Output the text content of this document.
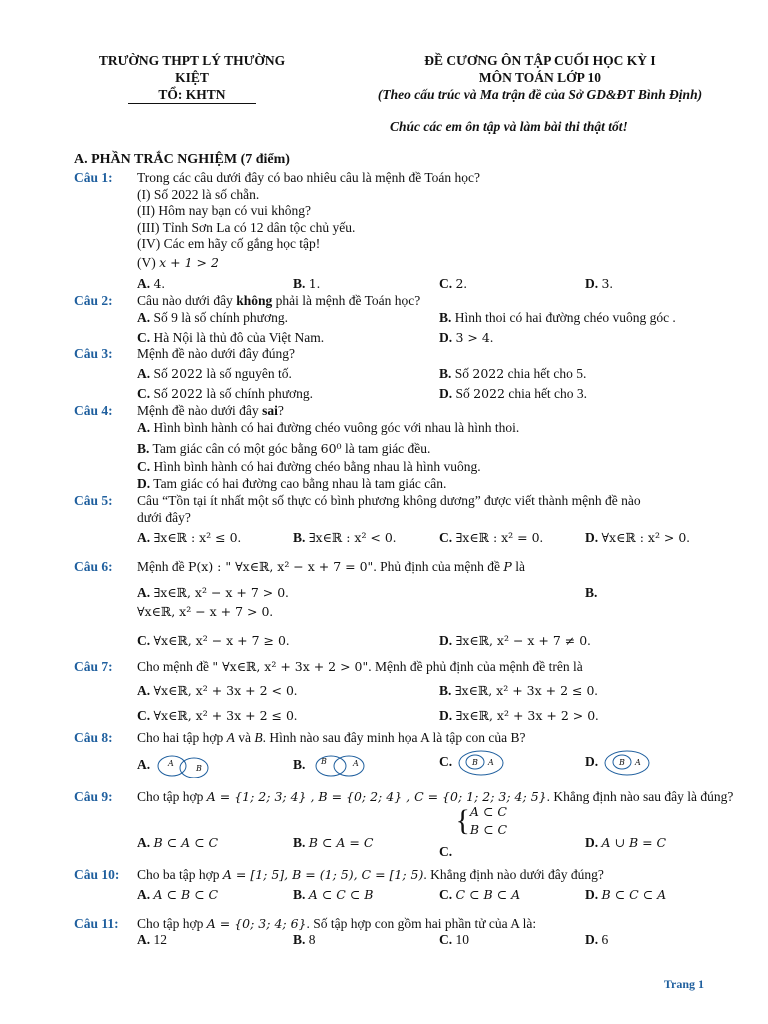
TRƯỜNG THPT LÝ THƯỜNG
KIỆT
TỔ: KHTN
ĐỀ CƯƠNG ÔN TẬP CUỐI HỌC KỲ I
MÔN TOÁN LỚP 10
(Theo cấu trúc và Ma trận đề của Sở GD&ĐT Bình Định)
Chúc các em ôn tập và làm bài thi thật tốt!
A. PHẦN TRẮC NGHIỆM (7 điểm)
Câu 1: Trong các câu dưới đây có bao nhiêu câu là mệnh đề Toán học?
(I) Số 2022 là số chẵn.
(II) Hôm nay bạn có vui không?
(III) Tỉnh Sơn La có 12 dân tộc chủ yếu.
(IV) Các em hãy cố gắng học tập!
(V) x + 1 > 2
A. 4.	B. 1.	C. 2.	D. 3.
Câu 2: Câu nào dưới đây không phải là mệnh đề Toán học?
A. Số 9 là số chính phương.	B. Hình thoi có hai đường chéo vuông góc .
C. Hà Nội là thủ đô của Việt Nam.	D. 3 > 4.
Câu 3: Mệnh đề nào dưới đây đúng?
A. Số 2022 là số nguyên tố.	B. Số 2022 chia hết cho 5.
C. Số 2022 là số chính phương.	D. Số 2022 chia hết cho 3.
Câu 4: Mệnh đề nào dưới đây sai?
A. Hình bình hành có hai đường chéo vuông góc với nhau là hình thoi.
B. Tam giác cân có một góc bằng 60⁰ là tam giác đều.
C. Hình bình hành có hai đường chéo bằng nhau là hình vuông.
D. Tam giác có hai đường cao bằng nhau là tam giác cân.
Câu 5: Câu “Tồn tại ít nhất một số thực có bình phương không dương” được viết thành mệnh đề nào
dưới đây?
A. ∃x∈ℝ : x² ≤ 0.	B. ∃x∈ℝ : x² < 0.	C. ∃x∈ℝ : x² = 0.	D. ∀x∈ℝ : x² > 0.
Câu 6: Mệnh đề P(x) : " ∀x∈ℝ, x² − x + 7 = 0". Phủ định của mệnh đề P là
A. ∃x∈ℝ, x² − x + 7 > 0.	B.
∀x∈ℝ, x² − x + 7 > 0.
C. ∀x∈ℝ, x² − x + 7 ≥ 0.	D. ∃x∈ℝ, x² − x + 7 ≠ 0.
Câu 7: Cho mệnh đề " ∀x∈ℝ, x² + 3x + 2 > 0". Mệnh đề phủ định của mệnh đề trên là
A. ∀x∈ℝ, x² + 3x + 2 < 0.	B. ∃x∈ℝ, x² + 3x + 2 ≤ 0.
C. ∀x∈ℝ, x² + 3x + 2 ≤ 0.	D. ∃x∈ℝ, x² + 3x + 2 > 0.
Câu 8: Cho hai tập hợp A và B. Hình nào sau đây minh họa A là tập con của B?
A. A
B	B. B	A	C. B A	D.	B A
Câu 9: Cho tập hợp A = {1; 2; 3; 4} , B = {0; 2; 4} , C = {0; 1; 2; 3; 4; 5}. Khẳng định nào sau đây là đúng?
A. B ⊂ A ⊂ C	B. B ⊂ A = C
C. {A ⊂ C
B ⊂ C
D. A ∪ B = C
Câu 10: Cho ba tập hợp A = [1; 5], B = (1; 5), C = [1; 5). Khẳng định nào dưới đây đúng?
A. A ⊂ B ⊂ C	B. A ⊂ C ⊂ B	C. C ⊂ B ⊂ A	D. B ⊂ C ⊂ A
Câu 11: Cho tập hợp A = {0; 3; 4; 6}. Số tập hợp con gồm hai phần tử của A là:
A. 12	B. 8	C. 10	D. 6
Trang 1
